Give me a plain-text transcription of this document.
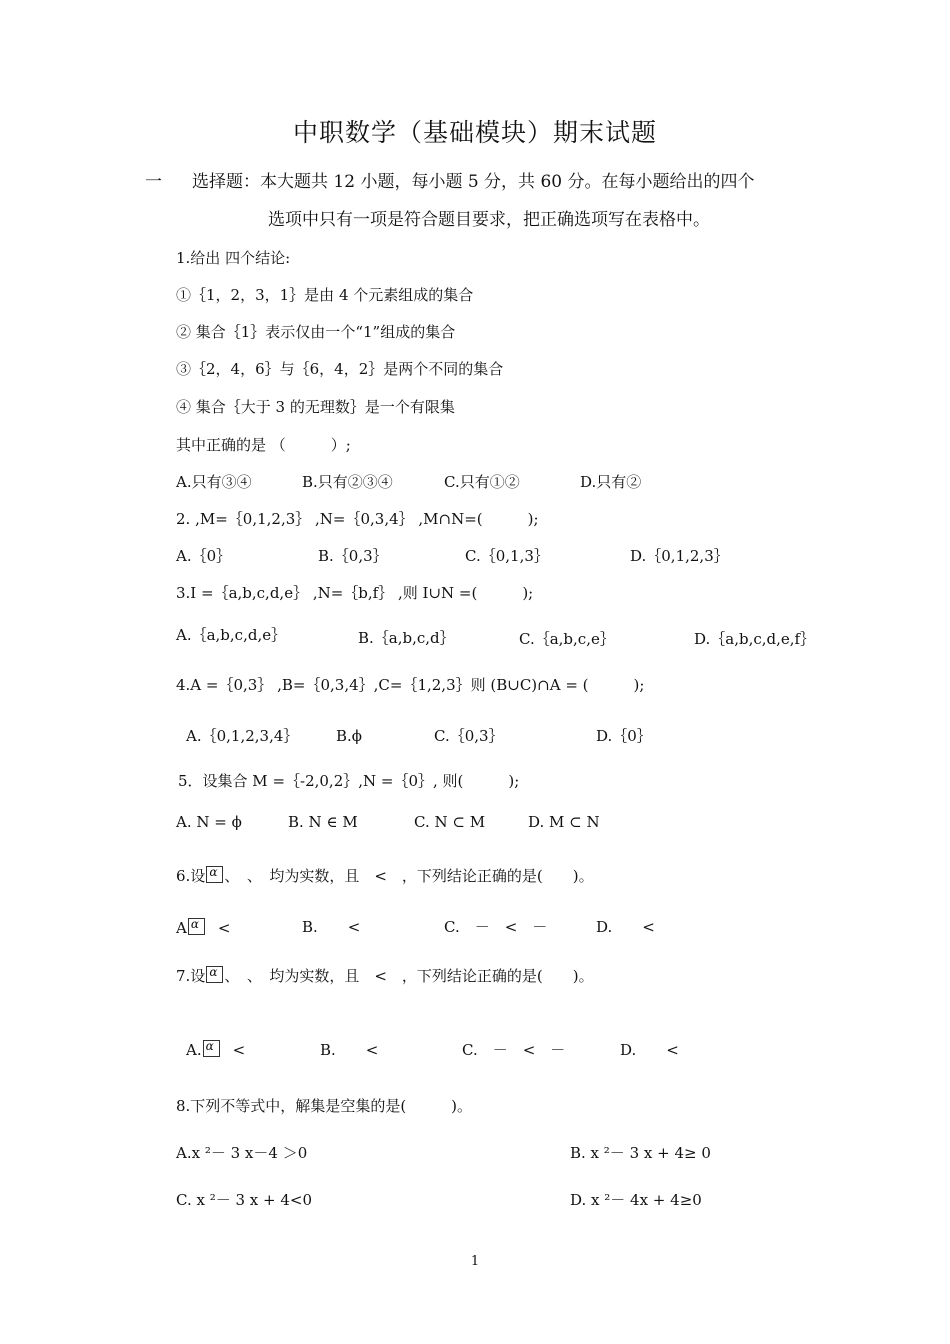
中职数学（基础模块）期末试题
一 选择题：本大题共 12 小题，每小题 5 分，共 60 分。在每小题给出的四个
选项中只有一项是符合题目要求，把正确选项写在表格中。
1.给出 四个结论:
①｛1，2，3，1｝是由 4 个元素组成的集合
② 集合｛1｝表示仅由一个“1”组成的集合
③｛2，4，6｝与｛6，4，2｝是两个不同的集合
④ 集合｛大于 3 的无理数｝是一个有限集
其中正确的是 （　　　）;
A.只有③④	B.只有②③④	C.只有①②	D.只有②
2. ,M=｛0,1,2,3｝ ,N=｛0,3,4｝ ,M∩N=(　　　);
A.｛0｝	B.｛0,3｝	C.｛0,1,3｝	D.｛0,1,2,3｝
3.I =｛a,b,c,d,e｝ ,N=｛b,f｝ ,则 I∪N =(　　　);
A.｛a,b,c,d,e｝	B.｛a,b,c,d｝	C.｛a,b,c,e｝	D.｛a,b,c,d,e,f｝
4.A =｛0,3｝ ,B=｛0,3,4｝,C=｛1,2,3｝则 (B∪C)∩A = (　　　);
A.｛0,1,2,3,4｝	B.ϕ	C.｛0,3｝	D.｛0｝
5．设集合 M =｛-2,0,2｝,N =｛0｝, 则(　　　);
A. N = ϕ	B. N ∈ M	C. N ⊂ M	D. M ⊂ N
6.设 α 、　、　均为实数，且　<　，下列结论正确的是(　　)。
A α <	B.　　<	C.　－　<　－	D.　　<
7.设 α 、　、　均为实数，且　<　，下列结论正确的是(　　)。
A. α <	B.　　<	C.　－　<　－	D.　　<
8.下列不等式中，解集是空集的是(　　　)。
A.x ²－ 3 x－4 ＞0	B. x ²－ 3 x + 4≥ 0
C. x ²－ 3 x + 4<0	D. x ²－ 4x + 4≥0
1
